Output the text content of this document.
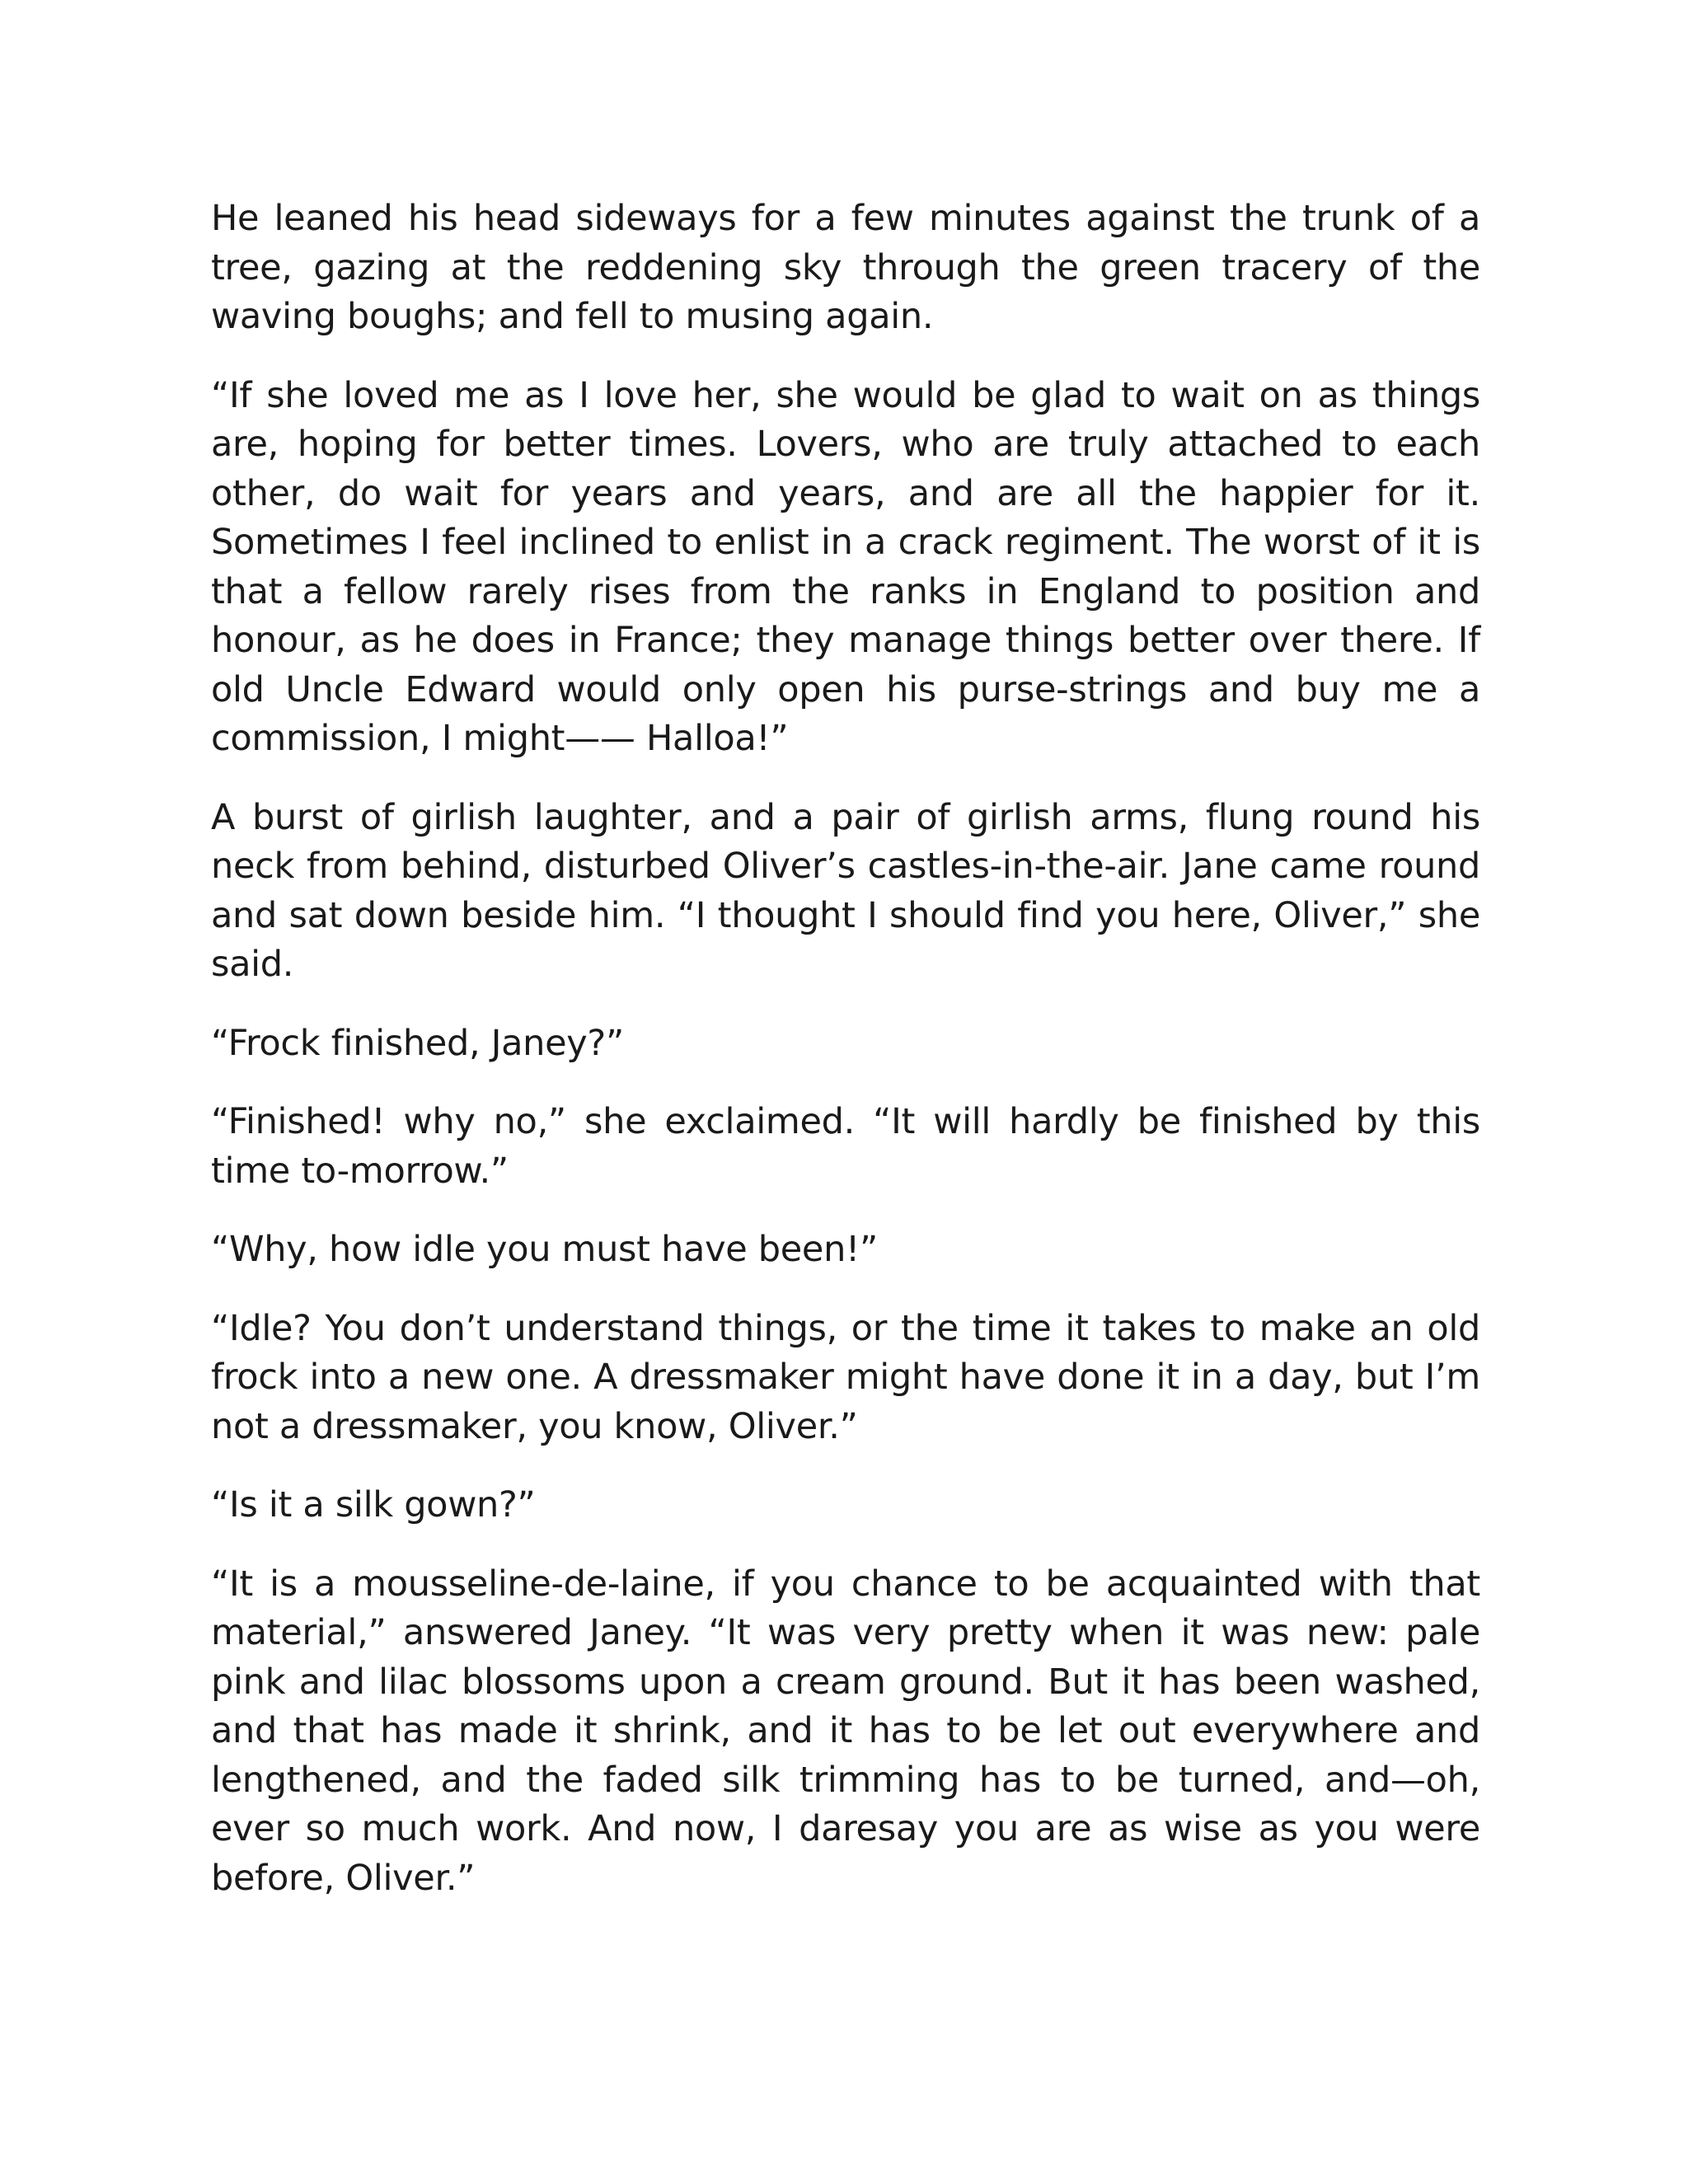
He leaned his head sideways for a few minutes against the trunk of a tree, gazing at the reddening sky through the green tracery of the waving boughs; and fell to musing again.

“If she loved me as I love her, she would be glad to wait on as things are, hoping for better times. Lovers, who are truly attached to each other, do wait for years and years, and are all the happier for it. Sometimes I feel inclined to enlist in a crack regiment. The worst of it is that a fellow rarely rises from the ranks in England to position and honour, as he does in France; they manage things better over there. If old Uncle Edward would only open his purse-strings and buy me a commission, I might—— Halloa!”

A burst of girlish laughter, and a pair of girlish arms, flung round his neck from behind, disturbed Oliver’s castles-in-the-air. Jane came round and sat down beside him. “I thought I should find you here, Oliver,” she said.

“Frock finished, Janey?”

“Finished! why no,” she exclaimed. “It will hardly be finished by this time to-morrow.”

“Why, how idle you must have been!”

“Idle? You don’t understand things, or the time it takes to make an old frock into a new one. A dressmaker might have done it in a day, but I’m not a dressmaker, you know, Oliver.”

“Is it a silk gown?”

“It is a mousseline-de-laine, if you chance to be acquainted with that material,” answered Janey. “It was very pretty when it was new: pale pink and lilac blossoms upon a cream ground. But it has been washed, and that has made it shrink, and it has to be let out everywhere and lengthened, and the faded silk trimming has to be turned, and—oh, ever so much work. And now, I daresay you are as wise as you were before, Oliver.”
